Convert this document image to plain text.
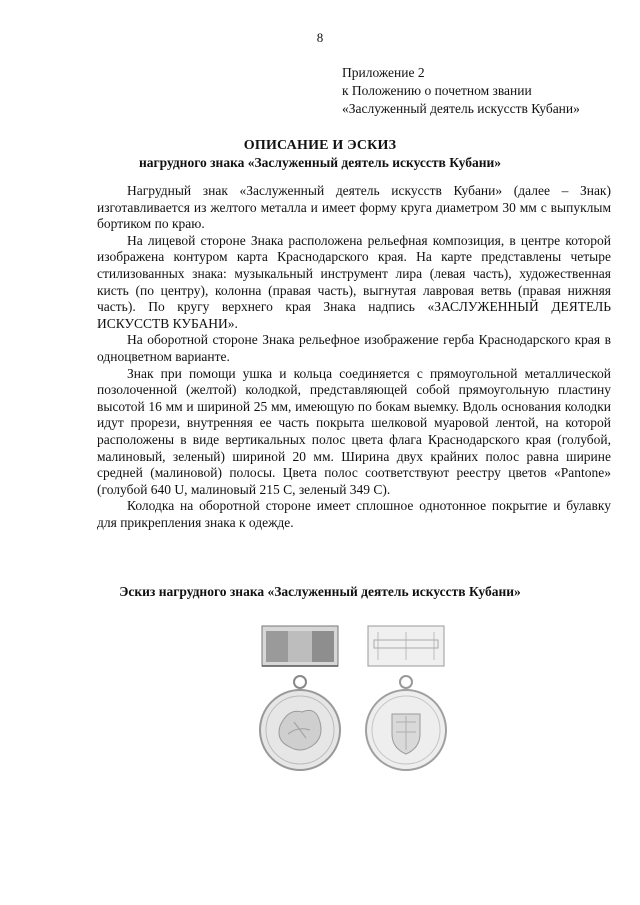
8
Приложение 2
к Положению о почетном звании
«Заслуженный деятель искусств Кубани»
ОПИСАНИЕ И ЭСКИЗ
нагрудного знака «Заслуженный деятель искусств Кубани»

Нагрудный знак «Заслуженный деятель искусств Кубани» (далее – Знак) изготавливается из желтого металла и имеет форму круга диаметром 30 мм с выпуклым бортиком по краю.

На лицевой стороне Знака расположена рельефная композиция, в центре которой изображена контуром карта Краснодарского края. На карте представлены четыре стилизованных знака: музыкальный инструмент лира (левая часть), художественная кисть (по центру), колонна (правая часть), выгнутая лавровая ветвь (правая нижняя часть). По кругу верхнего края Знака надпись «ЗАСЛУЖЕННЫЙ ДЕЯТЕЛЬ ИСКУССТВ КУБАНИ».

На оборотной стороне Знака рельефное изображение герба Краснодарского края в одноцветном варианте.

Знак при помощи ушка и кольца соединяется с прямоугольной металлической позолоченной (желтой) колодкой, представляющей собой прямоугольную пластину высотой 16 мм и шириной 25 мм, имеющую по бокам выемку. Вдоль основания колодки идут прорези, внутренняя ее часть покрыта шелковой муаровой лентой, на которой расположены в виде вертикальных полос цвета флага Краснодарского края (голубой, малиновый, зеленый) шириной 20 мм. Ширина двух крайних полос равна ширине средней (малиновой) полосы. Цвета полос соответствуют реестру цветов «Pantone» (голубой 640 U, малиновый 215 C, зеленый 349 C).

Колодка на оборотной стороне имеет сплошное однотонное покрытие и булавку для прикрепления знака к одежде.

Эскиз нагрудного знака «Заслуженный деятель искусств Кубани»
